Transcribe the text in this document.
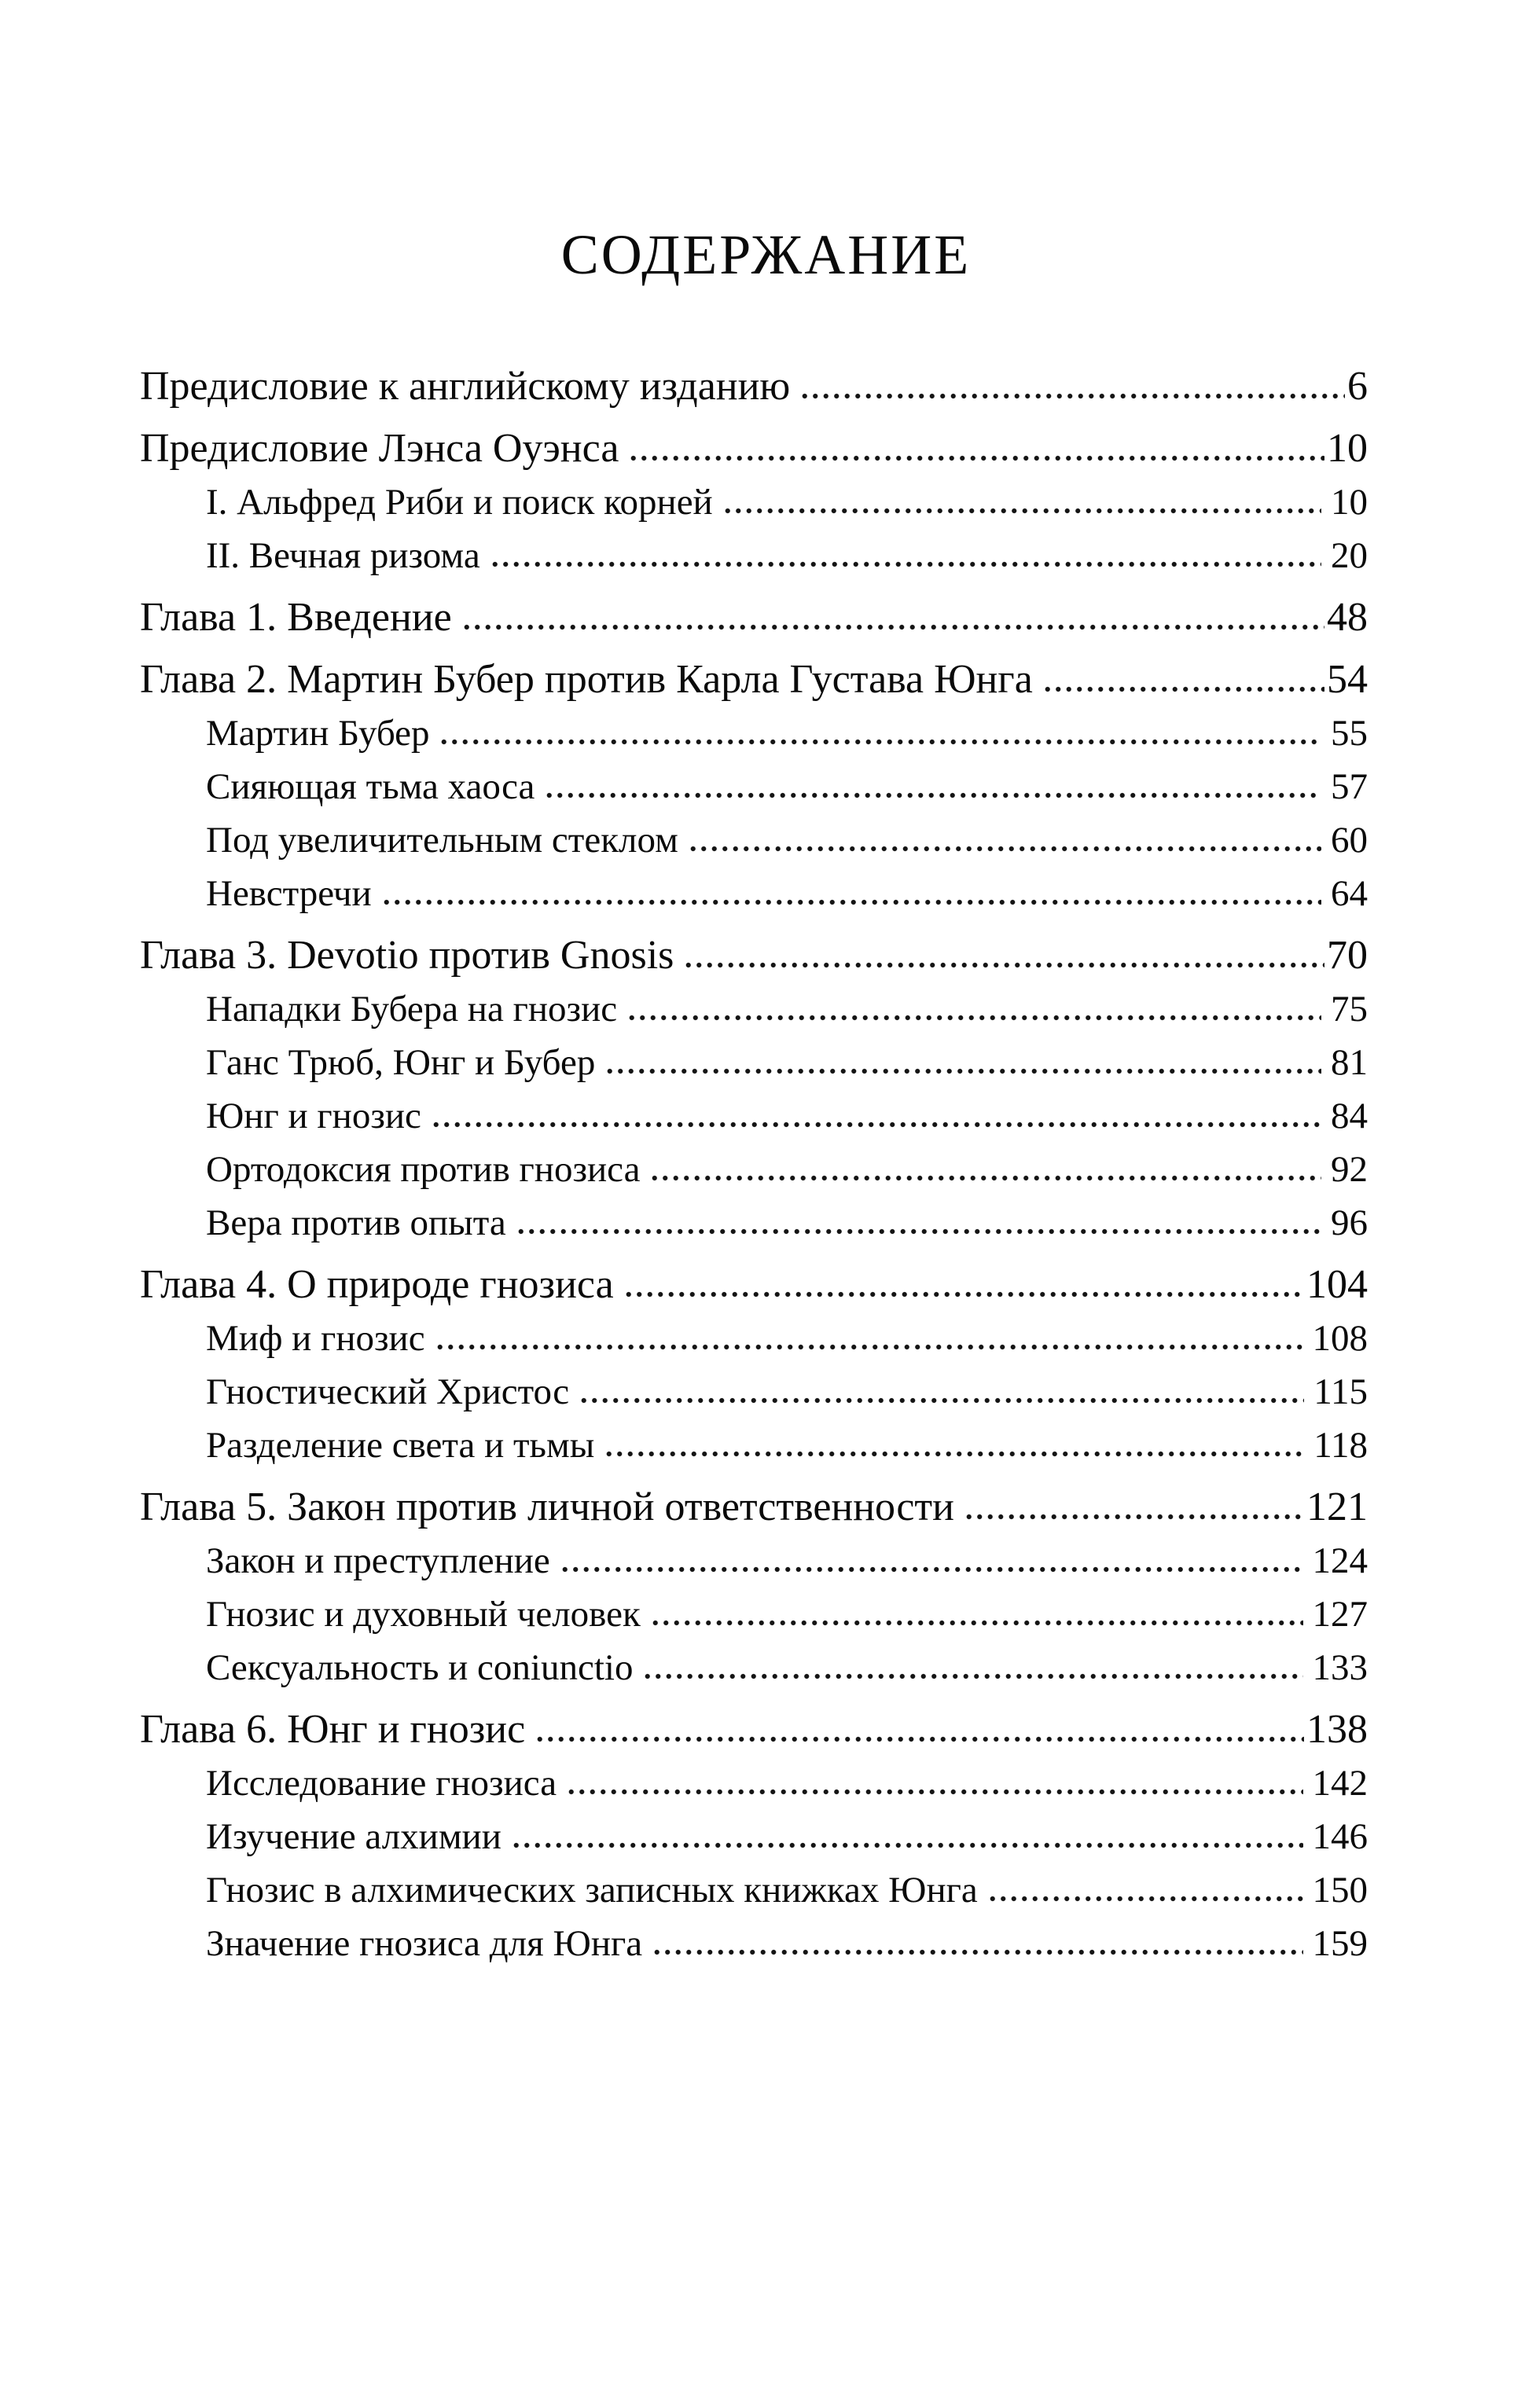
СОДЕРЖАНИЕ
Предисловие к английскому изданию	6
Предисловие Лэнса Оуэнса	10
I. Альфред Риби и поиск корней	10
II. Вечная ризома	20
Глава 1. Введение	48
Глава 2. Мартин Бубер против Карла Густава Юнга	54
Мартин Бубер	55
Сияющая тьма хаоса	57
Под увеличительным стеклом	60
Невстречи	64
Глава 3. Devotio против Gnosis	70
Нападки Бубера на гнозис	75
Ганс Трюб, Юнг и Бубер	81
Юнг и гнозис	84
Ортодоксия против гнозиса	92
Вера против опыта	96
Глава 4. О природе гнозиса	104
Миф и гнозис	108
Гностический Христос	115
Разделение света и тьмы	118
Глава 5. Закон против личной ответственности	121
Закон и преступление	124
Гнозис и духовный человек	127
Сексуальность и coniunctio	133
Глава 6. Юнг и гнозис	138
Исследование гнозиса	142
Изучение алхимии	146
Гнозис в алхимических записных книжках Юнга	150
Значение гнозиса для Юнга	159
